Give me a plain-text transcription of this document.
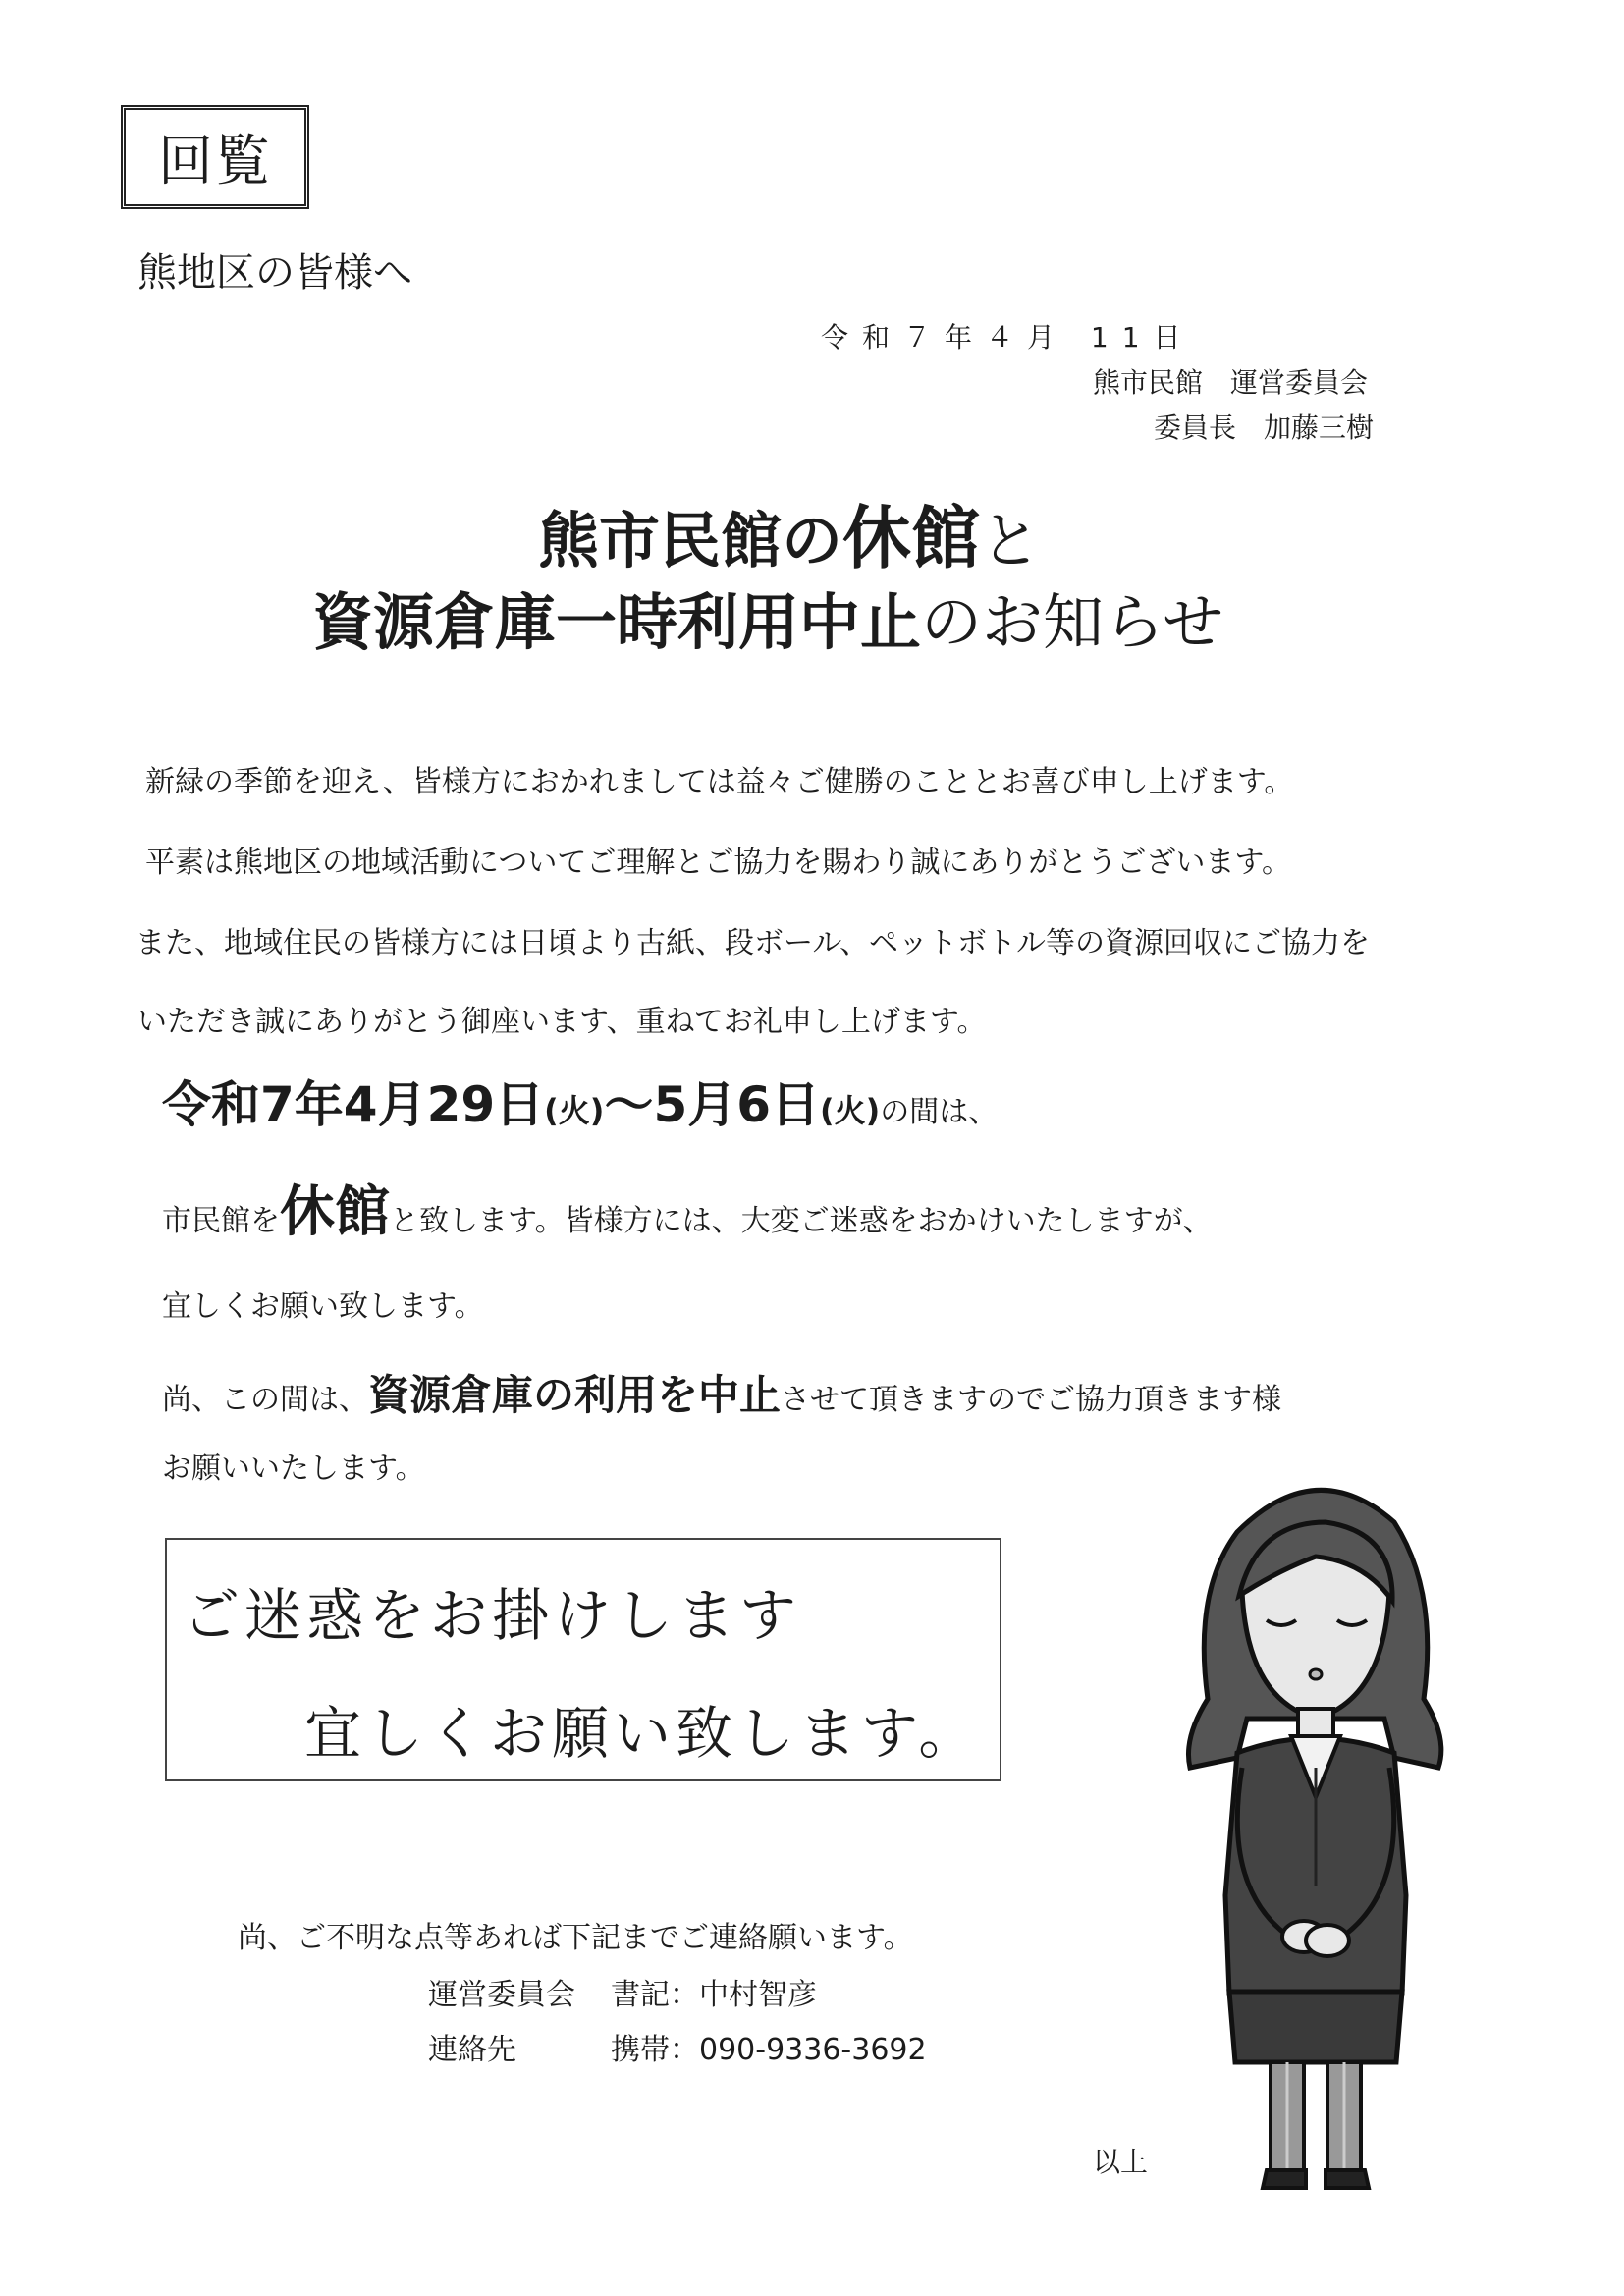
回覧
熊地区の皆様へ
令和７年４月 11日
熊市民館　運営委員会
委員長　加藤三樹
熊市民館の休館と
資源倉庫一時利用中止のお知らせ
新緑の季節を迎え、皆様方におかれましては益々ご健勝のこととお喜び申し上げます。
平素は熊地区の地域活動についてご理解とご協力を賜わり誠にありがとうございます。
また、地域住民の皆様方には日頃より古紙、段ボール、ペットボトル等の資源回収にご協力を
いただき誠にありがとう御座います、重ねてお礼申し上げます。
令和7年4月29日(火)～5月6日(火)の間は、
市民館を休館と致します。皆様方には、大変ご迷惑をおかけいたしますが、
宜しくお願い致します。
尚、この間は、資源倉庫の利用を中止させて頂きますのでご協力頂きます様
お願いいたします。
ご迷惑をお掛けします
宜しくお願い致します。
尚、ご不明な点等あれば下記までご連絡願います。
運営委員会 書記：中村智彦
連絡先	携帯：090-9336-3692
以上
